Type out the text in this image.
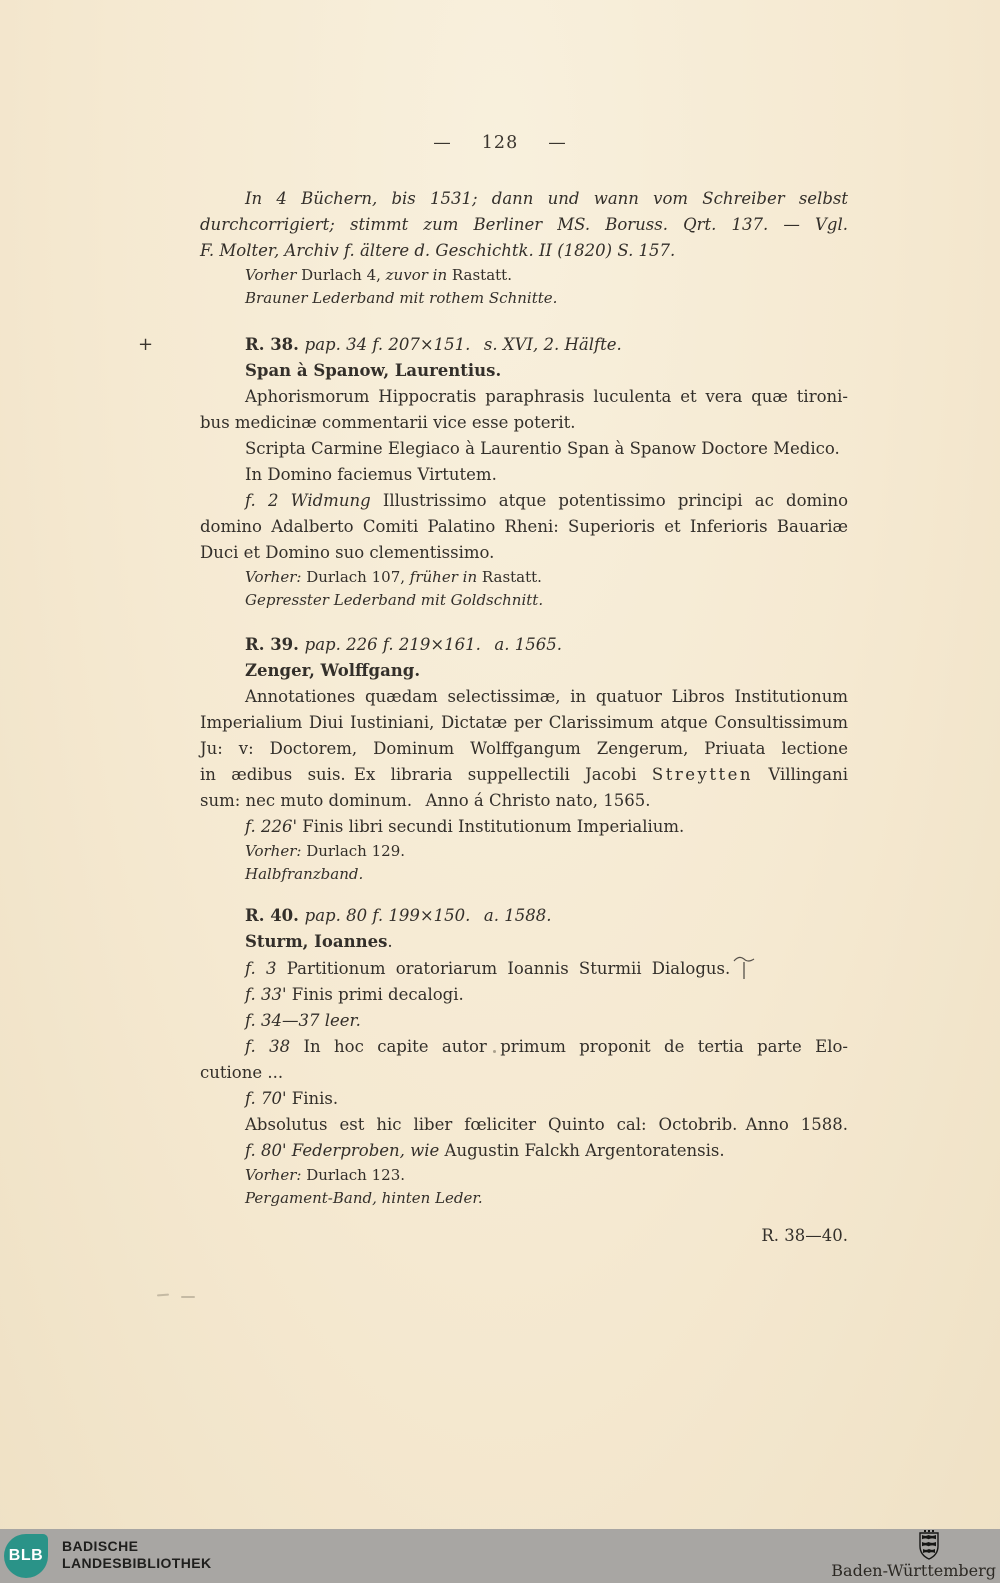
— 128 —
In 4 Büchern, bis 1531; dann und wann vom Schreiber selbst
durchcorrigiert; stimmt zum Berliner MS. Boruss. Qrt. 137. — Vgl.
F. Molter, Archiv f. ältere d. Geschichtk. II (1820) S. 157.
Vorher Durlach 4, zuvor in Rastatt.
Brauner Lederband mit rothem Schnitte.
+	R. 38. pap. 34 f. 207×151.  s. XVI, 2. Hälfte.
Span à Spanow, Laurentius.
Aphorismorum Hippocratis paraphrasis luculenta et vera quæ tironi-
bus medicinæ commentarii vice esse poterit.
Scripta Carmine Elegiaco à Laurentio Span à Spanow Doctore Medico.
In Domino faciemus Virtutem.
f. 2 Widmung Illustrissimo atque potentissimo principi ac domino
domino Adalberto Comiti Palatino Rheni: Superioris et Inferioris Bauariæ
Duci et Domino suo clementissimo.
Vorher: Durlach 107, früher in Rastatt.
Gepresster Lederband mit Goldschnitt.
R. 39. pap. 226 f. 219×161.  a. 1565.
Zenger, Wolffgang.
Annotationes quædam selectissimæ, in quatuor Libros Institutionum
Imperialium Diui Iustiniani, Dictatæ per Clarissimum atque Consultissimum
Ju: v: Doctorem, Dominum Wolffgangum Zengerum, Priuata lectione
in ædibus suis. Ex libraria suppellectili Jacobi Streytten Villingani
sum: nec muto dominum.  Anno á Christo nato, 1565.
f. 226' Finis libri secundi Institutionum Imperialium.
Vorher: Durlach 129.
Halbfranzband.
R. 40. pap. 80 f. 199×150.  a. 1588.
Sturm, Ioannes.
f. 3 Partitionum oratoriarum Ioannis Sturmii Dialogus.
f. 33' Finis primi decalogi.
f. 34—37 leer.
f. 38 In hoc capite autor primum proponit de tertia parte Elo-
cutione ...
f. 70' Finis.
Absolutus est hic liber fœliciter Quinto cal: Octobrib. Anno 1588.
f. 80' Federproben, wie Augustin Falckh Argentoratensis.
Vorher: Durlach 123.
Pergament-Band, hinten Leder.
R. 38—40.
BLB
BADISCHE
LANDESBIBLIOTHEK	Baden-Württemberg
